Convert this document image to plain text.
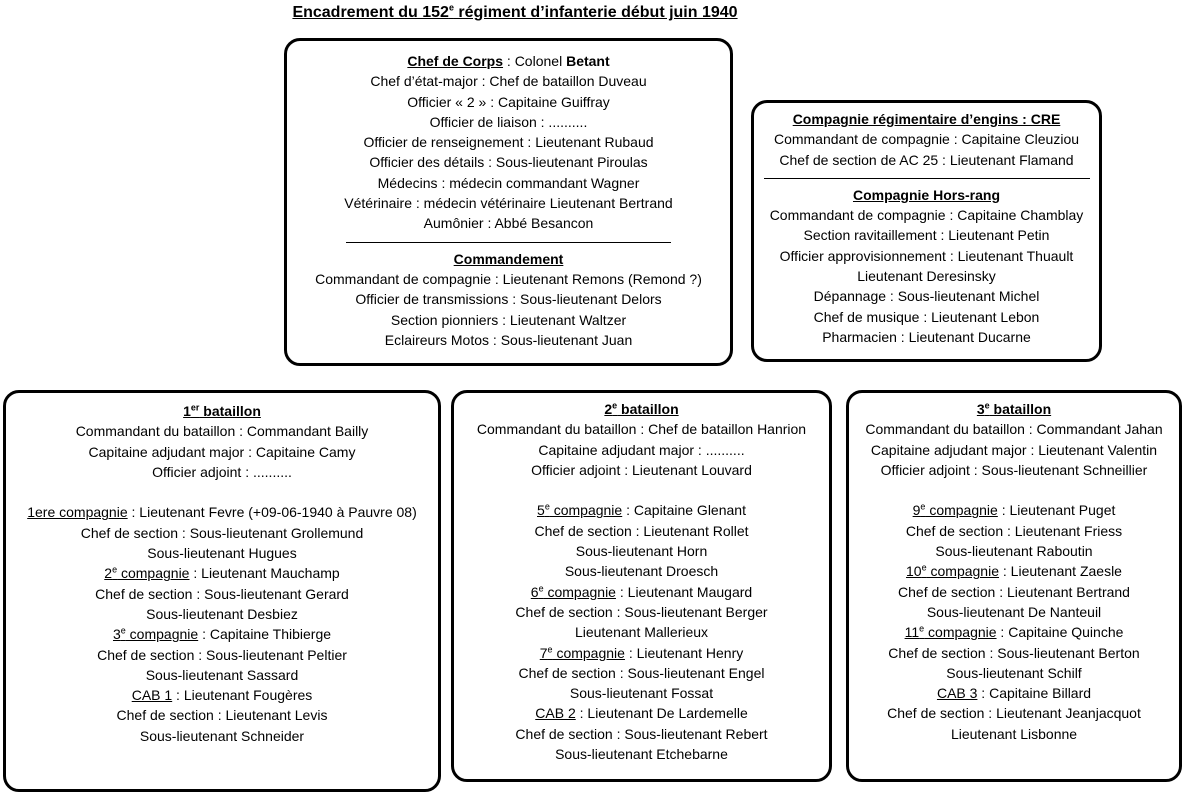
Encadrement du 152e régiment d’infanterie début juin 1940
Chef de Corps : Colonel Betant
Chef d’état-major : Chef de bataillon Duveau
Officier « 2 » : Capitaine Guiffray
Officier de liaison : ..........
Officier de renseignement : Lieutenant Rubaud
Officier des détails : Sous-lieutenant Piroulas
Médecins : médecin commandant Wagner
Vétérinaire : médecin vétérinaire Lieutenant Bertrand
Aumônier : Abbé Besancon
Commandement
Commandant de compagnie : Lieutenant Remons (Remond ?)
Officier de transmissions : Sous-lieutenant Delors
Section pionniers : Lieutenant Waltzer
Eclaireurs Motos : Sous-lieutenant Juan
Compagnie régimentaire d’engins : CRE
Commandant de compagnie : Capitaine Cleuziou
Chef de section de AC 25 : Lieutenant Flamand
Compagnie Hors-rang
Commandant de compagnie : Capitaine Chamblay
Section ravitaillement : Lieutenant Petin
Officier approvisionnement : Lieutenant Thuault
Lieutenant Deresinsky
Dépannage : Sous-lieutenant Michel
Chef de musique : Lieutenant Lebon
Pharmacien : Lieutenant Ducarne
1er bataillon
Commandant du bataillon : Commandant Bailly
Capitaine adjudant major : Capitaine Camy
Officier adjoint : ..........
1ere compagnie : Lieutenant Fevre (+09-06-1940 à Pauvre 08)
Chef de section : Sous-lieutenant Grollemund
Sous-lieutenant Hugues
2e compagnie : Lieutenant Mauchamp
Chef de section : Sous-lieutenant Gerard
Sous-lieutenant Desbiez
3e compagnie : Capitaine Thibierge
Chef de section : Sous-lieutenant Peltier
Sous-lieutenant Sassard
CAB 1 : Lieutenant Fougères
Chef de section : Lieutenant Levis
Sous-lieutenant Schneider
2e bataillon
Commandant du bataillon : Chef de bataillon Hanrion
Capitaine adjudant major : ..........
Officier adjoint : Lieutenant Louvard
5e compagnie : Capitaine Glenant
Chef de section : Lieutenant Rollet
Sous-lieutenant Horn
Sous-lieutenant Droesch
6e compagnie : Lieutenant Maugard
Chef de section : Sous-lieutenant Berger
Lieutenant Mallerieux
7e compagnie : Lieutenant Henry
Chef de section : Sous-lieutenant Engel
Sous-lieutenant Fossat
CAB 2 : Lieutenant De Lardemelle
Chef de section : Sous-lieutenant Rebert
Sous-lieutenant Etchebarne
3e bataillon
Commandant du bataillon : Commandant Jahan
Capitaine adjudant major : Lieutenant Valentin
Officier adjoint : Sous-lieutenant Schneillier
9e compagnie : Lieutenant Puget
Chef de section : Lieutenant Friess
Sous-lieutenant Raboutin
10e compagnie : Lieutenant Zaesle
Chef de section : Lieutenant Bertrand
Sous-lieutenant De Nanteuil
11e compagnie : Capitaine Quinche
Chef de section : Sous-lieutenant Berton
Sous-lieutenant Schilf
CAB 3 : Capitaine Billard
Chef de section : Lieutenant Jeanjacquot
Lieutenant Lisbonne
